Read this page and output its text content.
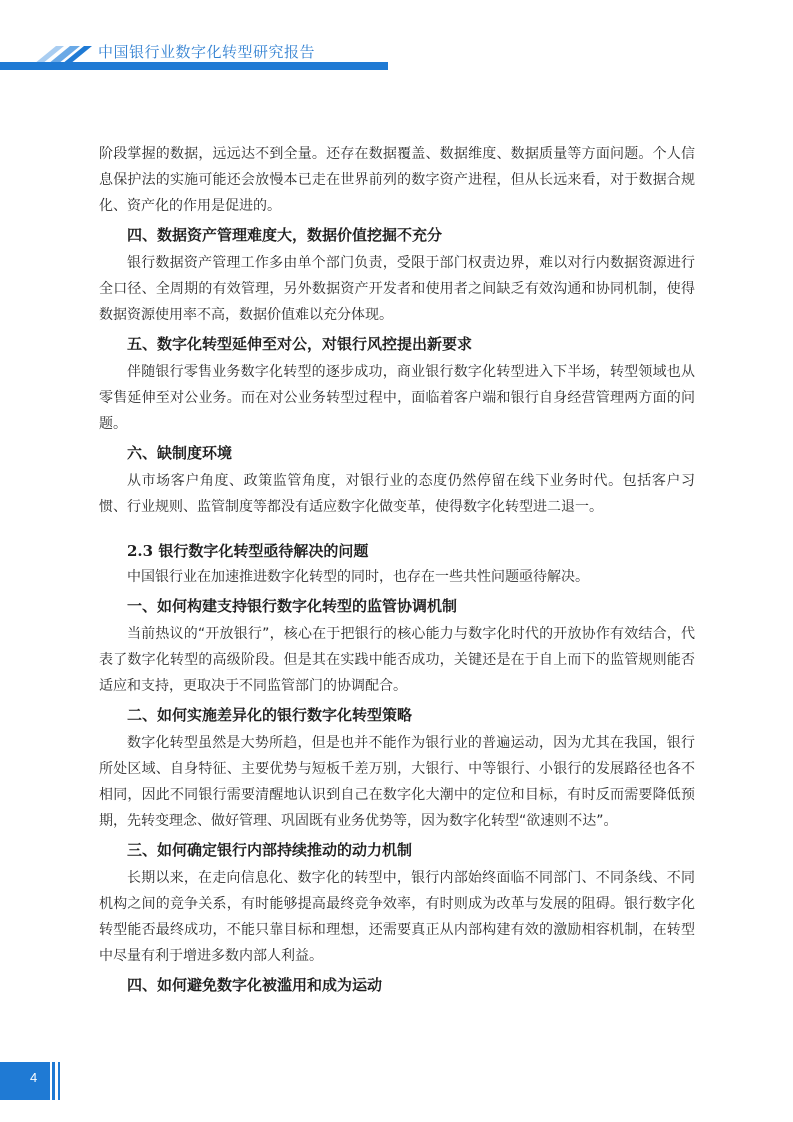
中国银行业数字化转型研究报告

阶段掌握的数据，远远达不到全量。还存在数据覆盖、数据维度、数据质量等方面问题。个人信息保护法的实施可能还会放慢本已走在世界前列的数字资产进程，但从长远来看，对于数据合规化、资产化的作用是促进的。

四、数据资产管理难度大，数据价值挖掘不充分

银行数据资产管理工作多由单个部门负责，受限于部门权责边界，难以对行内数据资源进行全口径、全周期的有效管理，另外数据资产开发者和使用者之间缺乏有效沟通和协同机制，使得数据资源使用率不高，数据价值难以充分体现。

五、数字化转型延伸至对公，对银行风控提出新要求

伴随银行零售业务数字化转型的逐步成功，商业银行数字化转型进入下半场，转型领域也从零售延伸至对公业务。而在对公业务转型过程中，面临着客户端和银行自身经营管理两方面的问题。

六、缺制度环境

从市场客户角度、政策监管角度，对银行业的态度仍然停留在线下业务时代。包括客户习惯、行业规则、监管制度等都没有适应数字化做变革，使得数字化转型进二退一。

2.3 银行数字化转型亟待解决的问题

中国银行业在加速推进数字化转型的同时，也存在一些共性问题亟待解决。

一、如何构建支持银行数字化转型的监管协调机制

当前热议的“开放银行”，核心在于把银行的核心能力与数字化时代的开放协作有效结合，代表了数字化转型的高级阶段。但是其在实践中能否成功，关键还是在于自上而下的监管规则能否适应和支持，更取决于不同监管部门的协调配合。

二、如何实施差异化的银行数字化转型策略

数字化转型虽然是大势所趋，但是也并不能作为银行业的普遍运动，因为尤其在我国，银行所处区域、自身特征、主要优势与短板千差万别，大银行、中等银行、小银行的发展路径也各不相同，因此不同银行需要清醒地认识到自己在数字化大潮中的定位和目标，有时反而需要降低预期，先转变理念、做好管理、巩固既有业务优势等，因为数字化转型“欲速则不达”。

三、如何确定银行内部持续推动的动力机制

长期以来，在走向信息化、数字化的转型中，银行内部始终面临不同部门、不同条线、不同机构之间的竞争关系，有时能够提高最终竞争效率，有时则成为改革与发展的阻碍。银行数字化转型能否最终成功，不能只靠目标和理想，还需要真正从内部构建有效的激励相容机制，在转型中尽量有利于增进多数内部人利益。

四、如何避免数字化被滥用和成为运动
4
